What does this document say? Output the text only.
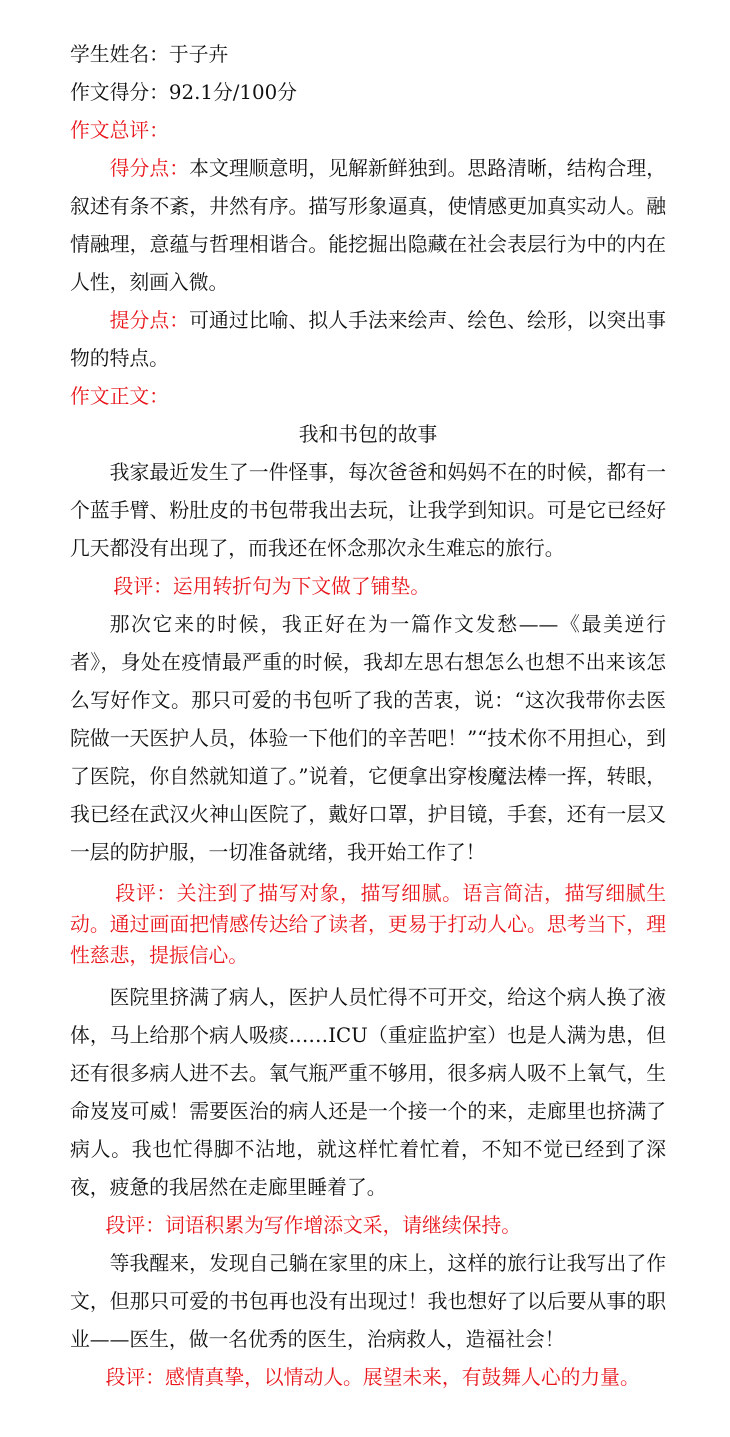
学生姓名：于子卉
作文得分：92.1分/100分
作文总评：

得分点：本文理顺意明，见解新鲜独到。思路清晰，结构合理，叙述有条不紊，井然有序。描写形象逼真，使情感更加真实动人。融情融理，意蕴与哲理相谐合。能挖掘出隐藏在社会表层行为中的内在人性，刻画入微。

提分点：可通过比喻、拟人手法来绘声、绘色、绘形，以突出事物的特点。

作文正文：
我和书包的故事

我家最近发生了一件怪事，每次爸爸和妈妈不在的时候，都有一个蓝手臂、粉肚皮的书包带我出去玩，让我学到知识。可是它已经好几天都没有出现了，而我还在怀念那次永生难忘的旅行。

段评：运用转折句为下文做了铺垫。

那次它来的时候，我正好在为一篇作文发愁——《最美逆行者》，身处在疫情最严重的时候，我却左思右想怎么也想不出来该怎么写好作文。那只可爱的书包听了我的苦衷，说：“这次我带你去医院做一天医护人员，体验一下他们的辛苦吧！”“技术你不用担心，到了医院，你自然就知道了。”说着，它便拿出穿梭魔法棒一挥，转眼，我已经在武汉火神山医院了，戴好口罩，护目镜，手套，还有一层又一层的防护服，一切准备就绪，我开始工作了！

段评：关注到了描写对象，描写细腻。语言简洁，描写细腻生动。通过画面把情感传达给了读者，更易于打动人心。思考当下，理性慈悲，提振信心。

医院里挤满了病人，医护人员忙得不可开交，给这个病人换了液体，马上给那个病人吸痰……ICU（重症监护室）也是人满为患，但还有很多病人进不去。氧气瓶严重不够用，很多病人吸不上氧气，生命岌岌可威！需要医治的病人还是一个接一个的来，走廊里也挤满了病人。我也忙得脚不沾地，就这样忙着忙着，不知不觉已经到了深夜，疲惫的我居然在走廊里睡着了。

段评：词语积累为写作增添文采，请继续保持。

等我醒来，发现自己躺在家里的床上，这样的旅行让我写出了作文，但那只可爱的书包再也没有出现过！我也想好了以后要从事的职业——医生，做一名优秀的医生，治病救人，造福社会！

段评：感情真挚，以情动人。展望未来，有鼓舞人心的力量。
